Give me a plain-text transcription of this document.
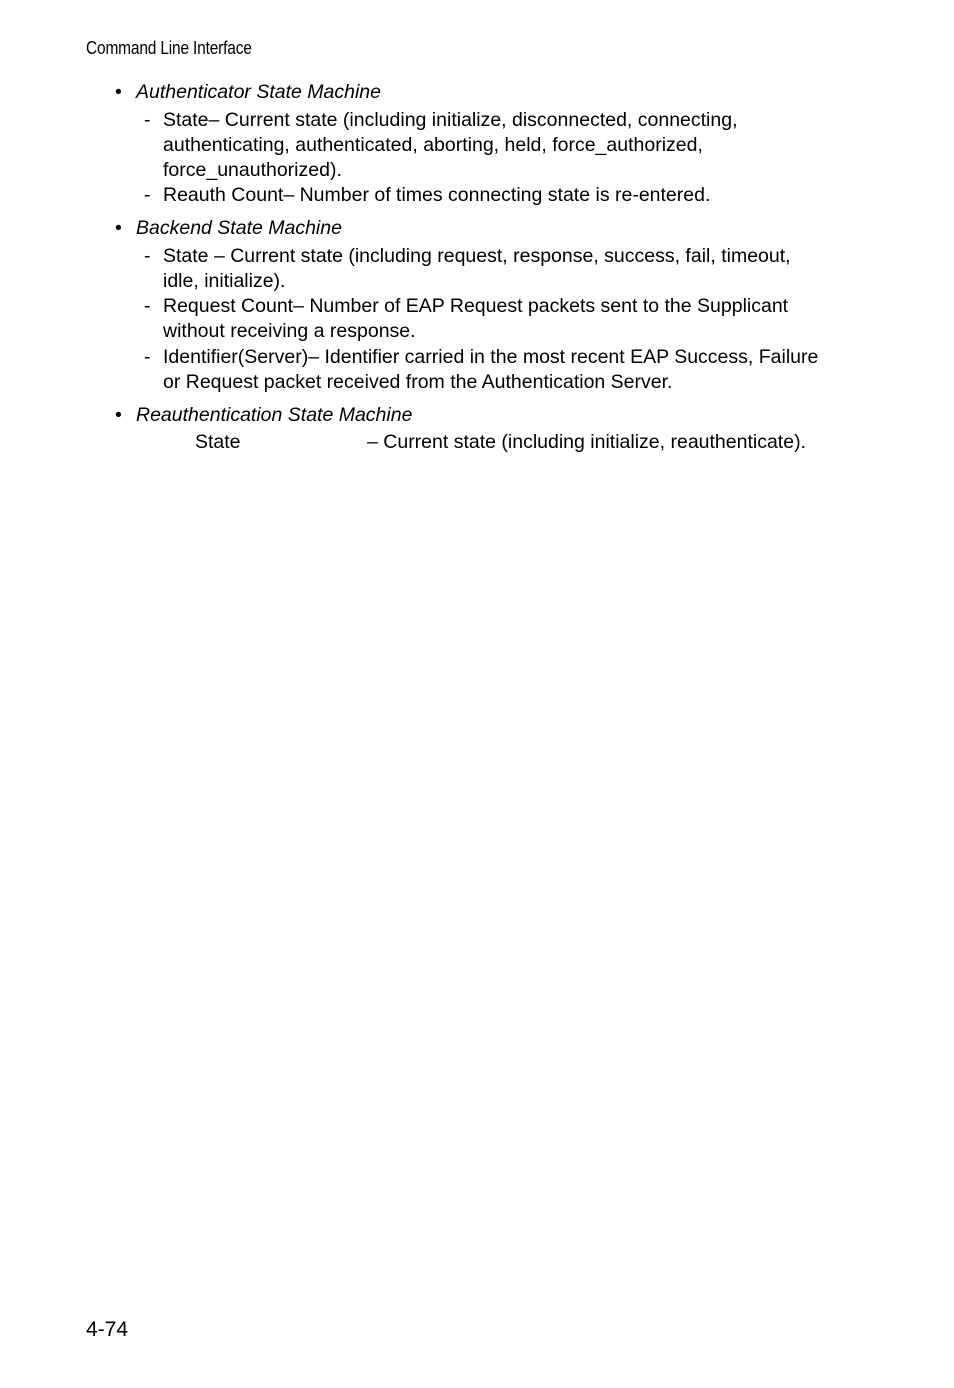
Command Line Interface
• Authenticator State Machine
- State– Current state (including initialize, disconnected, connecting,
authenticating, authenticated, aborting, held, force_authorized,
force_unauthorized).
- Reauth Count– Number of times connecting state is re-entered.
• Backend State Machine
- State – Current state (including request, response, success, fail, timeout,
idle, initialize).
- Request Count– Number of EAP Request packets sent to the Supplicant
without receiving a response.
- Identifier(Server)– Identifier carried in the most recent EAP Success, Failure
or Request packet received from the Authentication Server.
• Reauthentication State Machine
State	– Current state (including initialize, reauthenticate).
4-74
